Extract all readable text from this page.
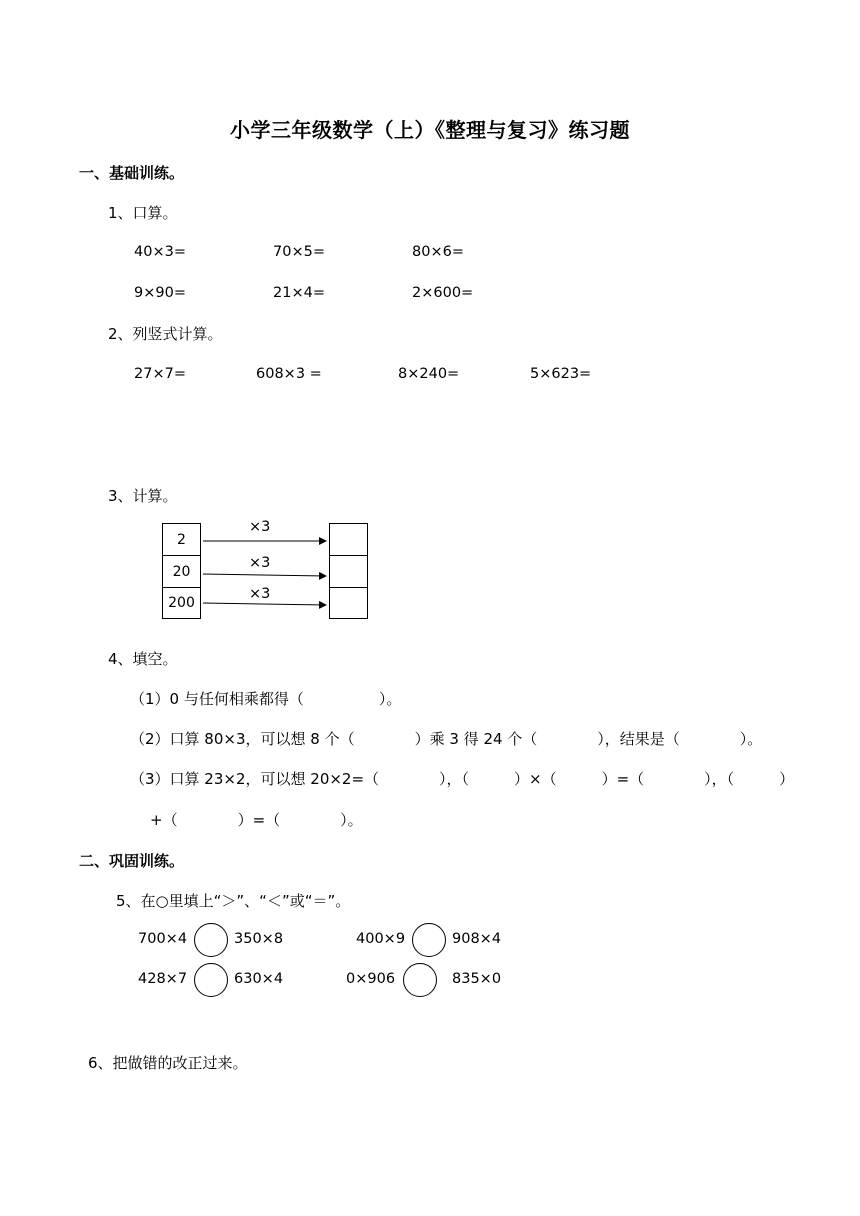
小学三年级数学（上）《整理与复习》练习题
一、基础训练。
1、口算。
40×3=	70×5=	80×6=
9×90=	21×4=	2×600=
2、列竖式计算。
27×7=	608×3 =	8×240=	5×623=
3、计算。
2
20
200
×3
×3
×3
4、填空。
（1）0 与任何相乘都得（　　　　　）。
（2）口算 80×3，可以想 8 个（　　　　）乘 3 得 24 个（　　　　），结果是（　　　　）。
（3）口算 23×2，可以想 20×2=（　　　　），（　　　）×（　　　）=（　　　　），（　　　）
+（　　　　）=（　　　　）。
二、巩固训练。
5、在○里填上“＞”、“＜”或“＝”。
700×4	350×8	400×9	908×4
428×7	630×4	0×906	835×0
6、把做错的改正过来。
